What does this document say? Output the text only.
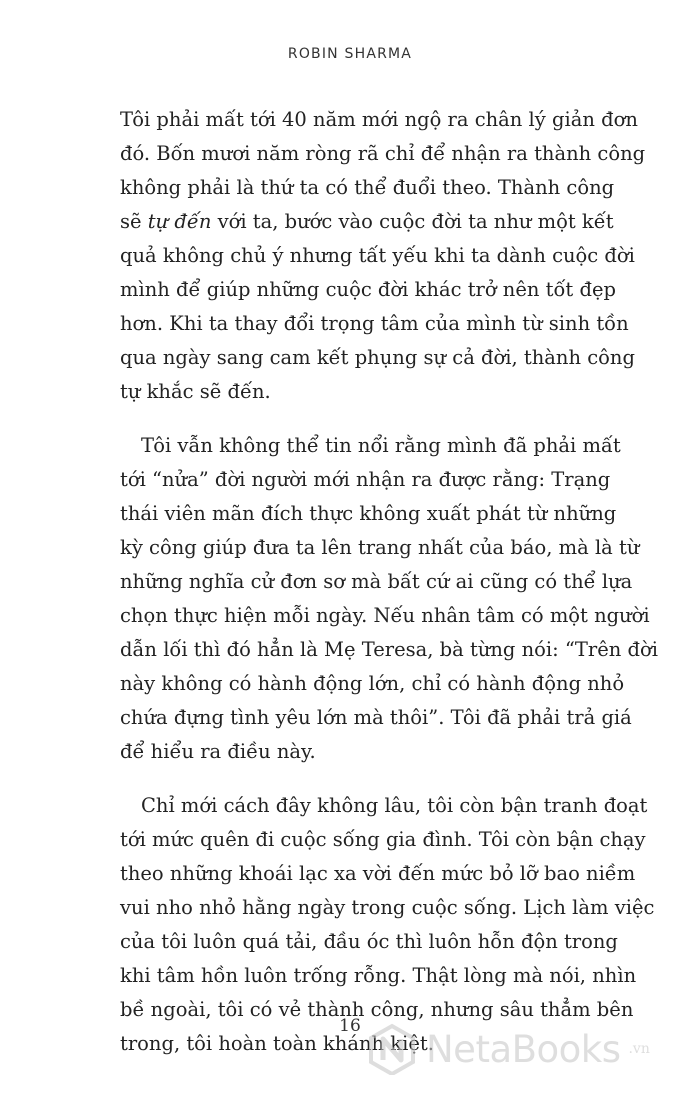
ROBIN SHARMA
Tôi phải mất tới 40 năm mới ngộ ra chân lý giản đơn
đó. Bốn mươi năm ròng rã chỉ để nhận ra thành công
không phải là thứ ta có thể đuổi theo. Thành công
sẽ tự đến với ta, bước vào cuộc đời ta như một kết
quả không chủ ý nhưng tất yếu khi ta dành cuộc đời
mình để giúp những cuộc đời khác trở nên tốt đẹp
hơn. Khi ta thay đổi trọng tâm của mình từ sinh tồn
qua ngày sang cam kết phụng sự cả đời, thành công
tự khắc sẽ đến.
Tôi vẫn không thể tin nổi rằng mình đã phải mất
tới “nửa” đời người mới nhận ra được rằng: Trạng
thái viên mãn đích thực không xuất phát từ những
kỳ công giúp đưa ta lên trang nhất của báo, mà là từ
những nghĩa cử đơn sơ mà bất cứ ai cũng có thể lựa
chọn thực hiện mỗi ngày. Nếu nhân tâm có một người
dẫn lối thì đó hẳn là Mẹ Teresa, bà từng nói: “Trên đời
này không có hành động lớn, chỉ có hành động nhỏ
chứa đựng tình yêu lớn mà thôi”. Tôi đã phải trả giá
để hiểu ra điều này.
Chỉ mới cách đây không lâu, tôi còn bận tranh đoạt
tới mức quên đi cuộc sống gia đình. Tôi còn bận chạy
theo những khoái lạc xa vời đến mức bỏ lỡ bao niềm
vui nho nhỏ hằng ngày trong cuộc sống. Lịch làm việc
của tôi luôn quá tải, đầu óc thì luôn hỗn độn trong
khi tâm hồn luôn trống rỗng. Thật lòng mà nói, nhìn
bề ngoài, tôi có vẻ thành công, nhưng sâu thẳm bên
trong, tôi hoàn toàn khánh kiệt.
16
NetaBooks .vn
